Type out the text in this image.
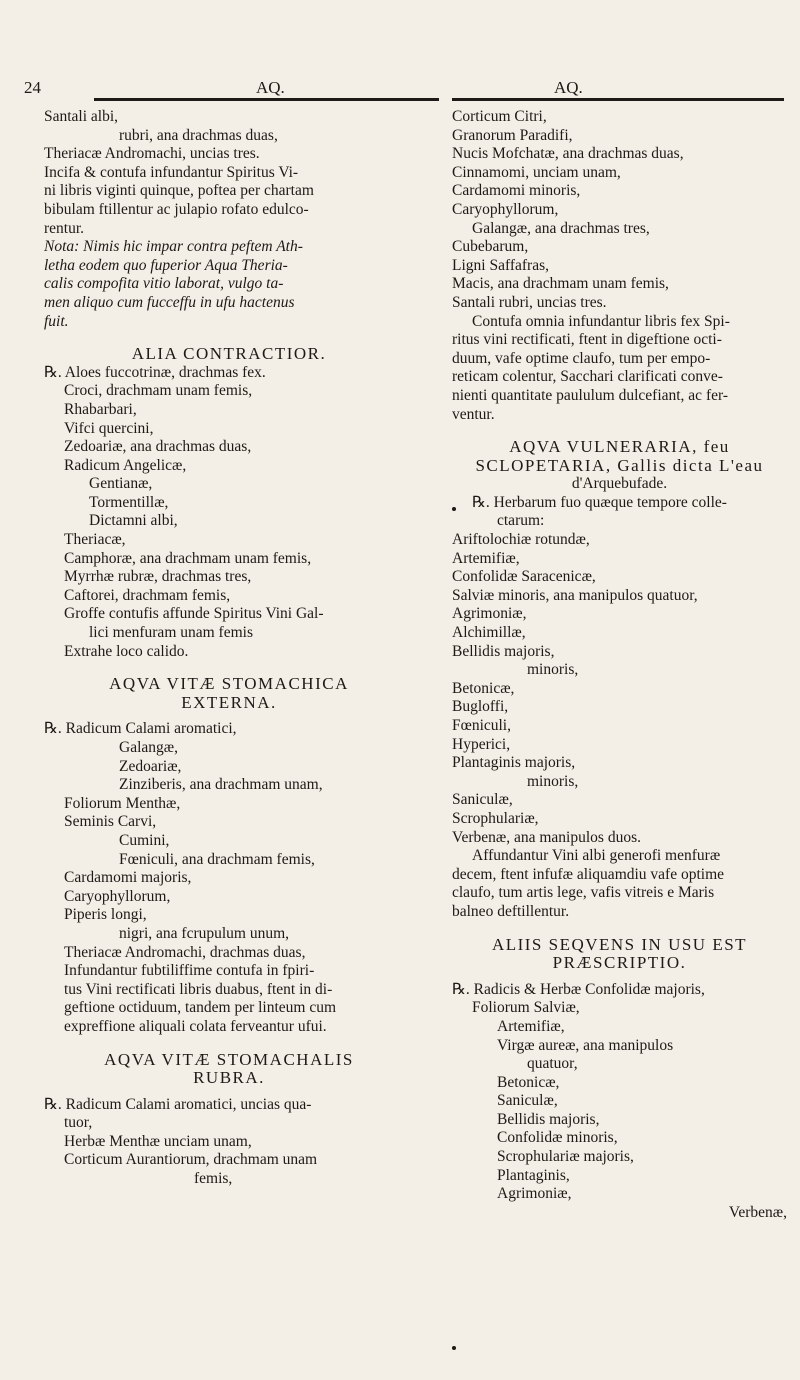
24	AQ.	AQ.
Santali albi,
rubri, ana drachmas duas,
Theriacæ Andromachi, uncias tres.
Incifa & contufa infundantur Spiritus Vi-
ni libris viginti quinque, poftea per chartam
bibulam ftillentur ac julapio rofato edulco-
rentur.
Nota: Nimis hic impar contra peftem Ath-
letha eodem quo fuperior Aqua Theria-
calis compofita vitio laborat, vulgo ta-
men aliquo cum fucceffu in ufu hactenus
fuit.
ALIA CONTRACTIOR.
℞. Aloes fuccotrinæ, drachmas fex.
Croci, drachmam unam femis,
Rhabarbari,
Vifci quercini,
Zedoariæ, ana drachmas duas,
Radicum Angelicæ,
Gentianæ,
Tormentillæ,
Dictamni albi,
Theriacæ,
Camphoræ, ana drachmam unam femis,
Myrrhæ rubræ, drachmas tres,
Caftorei, drachmam femis,
Groffe contufis affunde Spiritus Vini Gal-
lici menfuram unam femis
Extrahe loco calido.
AQVA VITÆ STOMACHICA
EXTERNA.
℞. Radicum Calami aromatici,
Galangæ,
Zedoariæ,
Zinziberis, ana drachmam unam,
Foliorum Menthæ,
Seminis Carvi,
Cumini,
Fœniculi, ana drachmam femis,
Cardamomi majoris,
Caryophyllorum,
Piperis longi,
nigri, ana fcrupulum unum,
Theriacæ Andromachi, drachmas duas,
Infundantur fubtiliffime contufa in fpiri-
tus Vini rectificati libris duabus, ftent in di-
geftione octiduum, tandem per linteum cum
expreffione aliquali colata ferveantur ufui.
AQVA VITÆ STOMACHALIS
RUBRA.
℞. Radicum Calami aromatici, uncias qua-
tuor,
Herbæ Menthæ unciam unam,
Corticum Aurantiorum, drachmam unam
femis,
Corticum Citri,
Granorum Paradifi,
Nucis Mofchatæ, ana drachmas duas,
Cinnamomi, unciam unam,
Cardamomi minoris,
Caryophyllorum,
Galangæ, ana drachmas tres,
Cubebarum,
Ligni Saffafras,
Macis, ana drachmam unam femis,
Santali rubri, uncias tres.
Contufa omnia infundantur libris fex Spi-
ritus vini rectificati, ftent in digeftione octi-
duum, vafe optime claufo, tum per empo-
reticam colentur, Sacchari clarificati conve-
nienti quantitate paululum dulcefiant, ac fer-
ventur.
AQVA VULNERARIA, feu
SCLOPETARIA, Gallis dicta L'eau
d'Arquebufade.
℞. Herbarum fuo quæque tempore colle-
ctarum:
Ariftolochiæ rotundæ,
Artemifiæ,
Confolidæ Saracenicæ,
Salviæ minoris, ana manipulos quatuor,
Agrimoniæ,
Alchimillæ,
Bellidis majoris,
minoris,
Betonicæ,
Bugloffi,
Fœniculi,
Hyperici,
Plantaginis majoris,
minoris,
Saniculæ,
Scrophulariæ,
Verbenæ, ana manipulos duos.
Affundantur Vini albi generofi menfuræ
decem, ftent infufæ aliquamdiu vafe optime
claufo, tum artis lege, vafis vitreis e Maris
balneo deftillentur.
ALIIS SEQVENS IN USU EST
PRÆSCRIPTIO.
℞. Radicis & Herbæ Confolidæ majoris,
Foliorum Salviæ,
Artemifiæ,
Virgæ aureæ, ana manipulos
quatuor,
Betonicæ,
Saniculæ,
Bellidis majoris,
Confolidæ minoris,
Scrophulariæ majoris,
Plantaginis,
Agrimoniæ,
Verbenæ,
